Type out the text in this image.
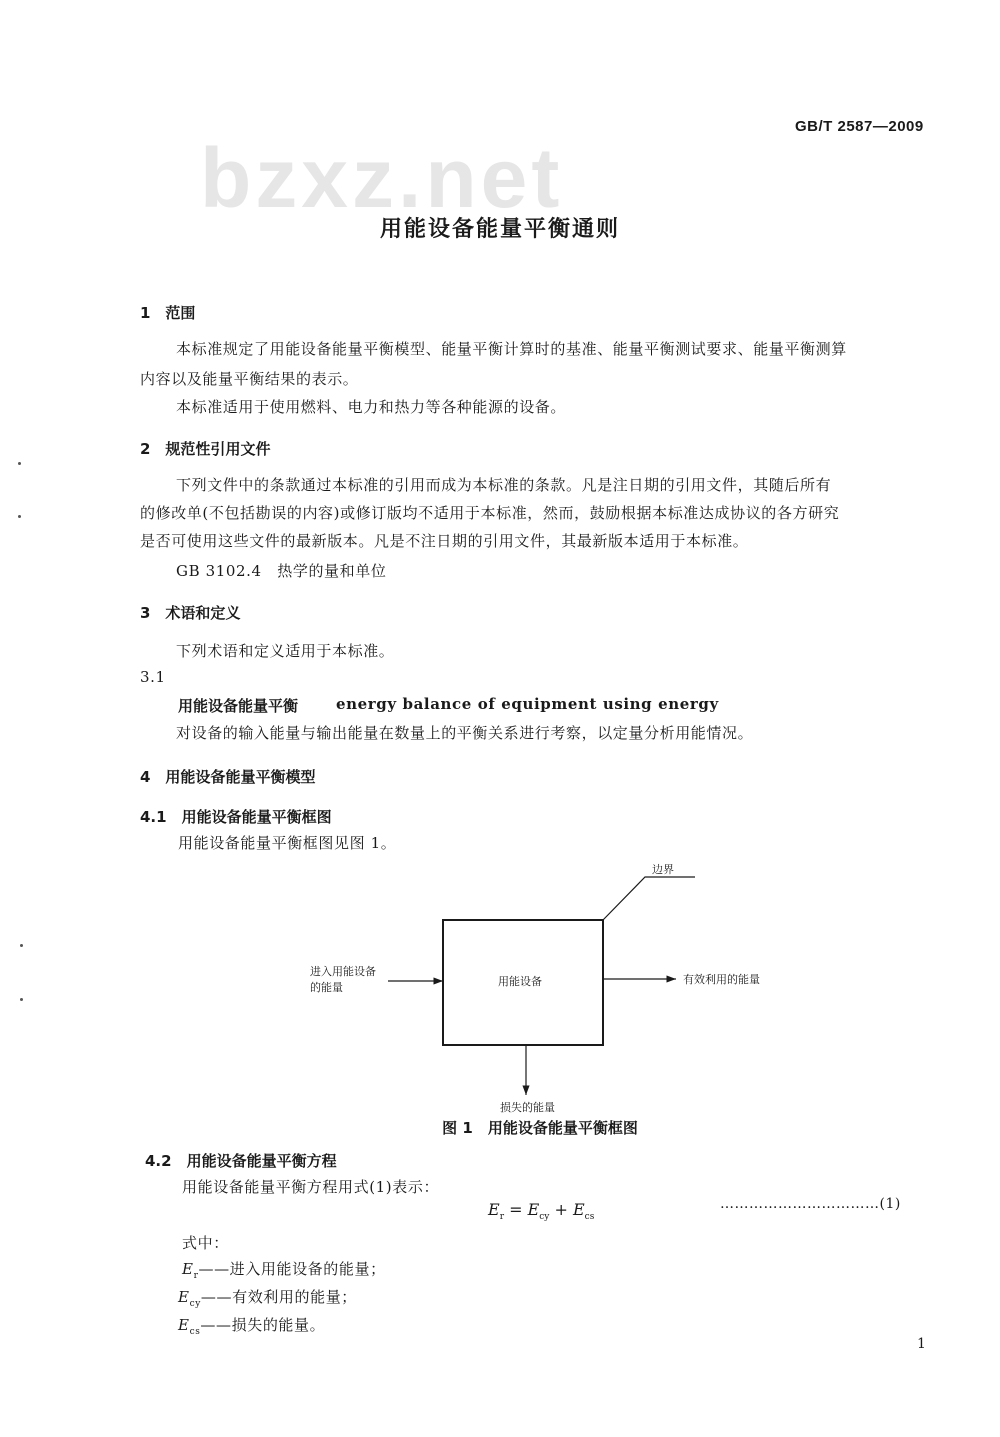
bzxz.net
GB/T 2587—2009
用能设备能量平衡通则
1　范围
本标准规定了用能设备能量平衡模型、能量平衡计算时的基准、能量平衡测试要求、能量平衡测算
内容以及能量平衡结果的表示。
本标准适用于使用燃料、电力和热力等各种能源的设备。
2　规范性引用文件
下列文件中的条款通过本标准的引用而成为本标准的条款。凡是注日期的引用文件，其随后所有
的修改单(不包括勘误的内容)或修订版均不适用于本标准，然而，鼓励根据本标准达成协议的各方研究
是否可使用这些文件的最新版本。凡是不注日期的引用文件，其最新版本适用于本标准。
GB 3102.4　热学的量和单位
3　术语和定义
下列术语和定义适用于本标准。
3.1
用能设备能量平衡	energy balance of equipment using energy
对设备的输入能量与输出能量在数量上的平衡关系进行考察，以定量分析用能情况。
4　用能设备能量平衡模型
4.1　用能设备能量平衡框图
用能设备能量平衡框图见图 1。
边界
用能设备
进入用能设备
的能量
有效利用的能量
损失的能量
图 1　用能设备能量平衡框图
4.2　用能设备能量平衡方程
用能设备能量平衡方程用式(1)表示：
$E_r = E_{cy} + E_{cs}$
……………………………(1)
式中：
$E_r——$进入用能设备的能量；
$E_{cy}——$有效利用的能量；
$E_{cs}——$损失的能量。
1
